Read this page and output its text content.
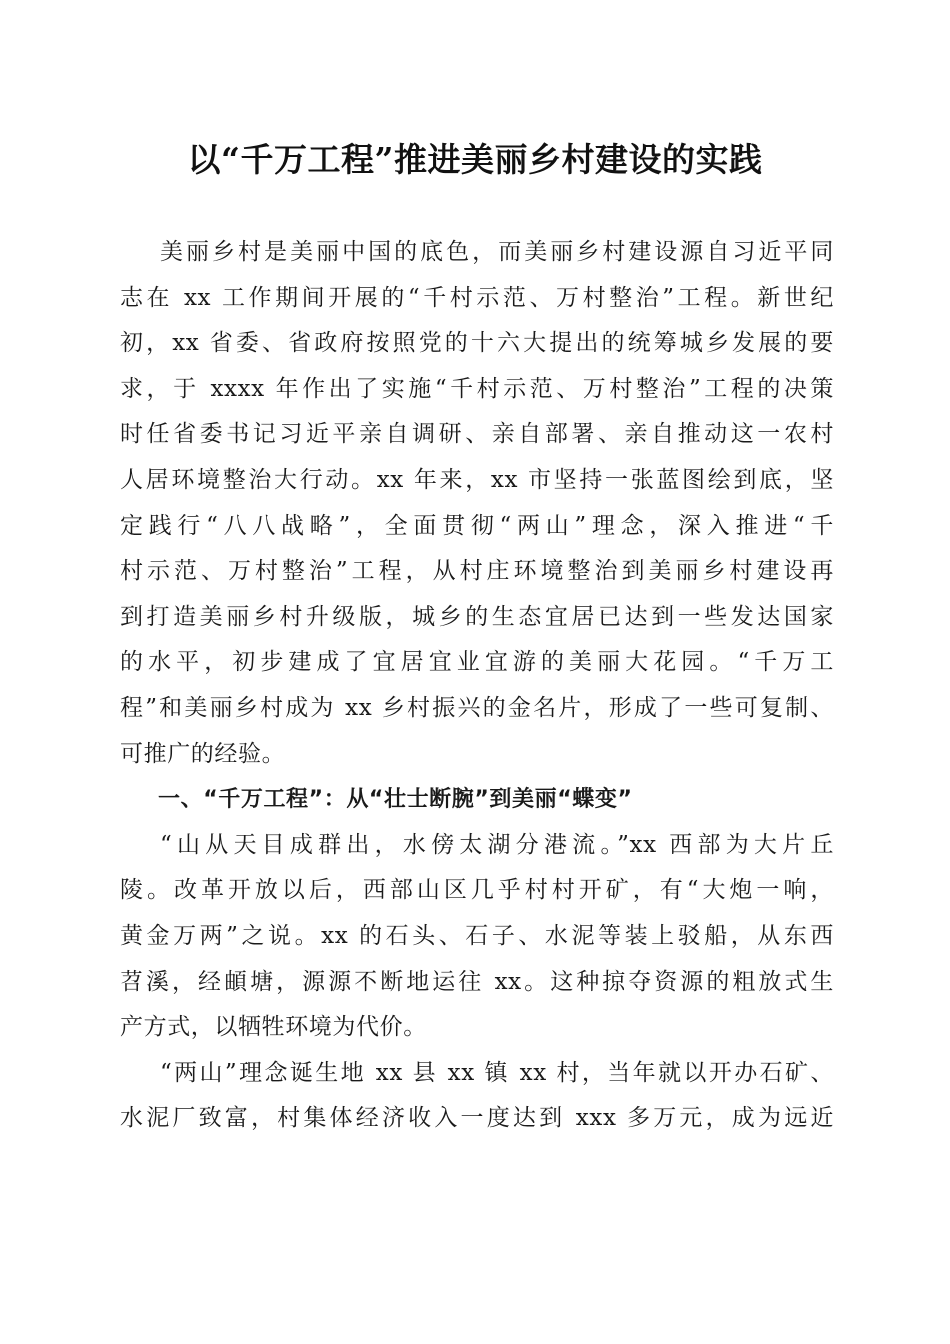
以“千万工程”推进美丽乡村建设的实践
美丽乡村是美丽中国的底色，而美丽乡村建设源自习近平同
志在 xx 工作期间开展的“千村示范、万村整治”工程。新世纪
初，xx 省委、省政府按照党的十六大提出的统筹城乡发展的要
求，于 xxxx 年作出了实施“千村示范、万村整治”工程的决策
时任省委书记习近平亲自调研、亲自部署、亲自推动这一农村
人居环境整治大行动。xx 年来，xx 市坚持一张蓝图绘到底，坚
定践行“八八战略”，全面贯彻“两山”理念，深入推进“千
村示范、万村整治”工程，从村庄环境整治到美丽乡村建设再
到打造美丽乡村升级版，城乡的生态宜居已达到一些发达国家
的水平，初步建成了宜居宜业宜游的美丽大花园。“千万工
程”和美丽乡村成为 xx 乡村振兴的金名片，形成了一些可复制、
可推广的经验。
一、“千万工程”：从“壮士断腕”到美丽“蝶变”
“山从天目成群出，水傍太湖分港流。”xx 西部为大片丘
陵。改革开放以后，西部山区几乎村村开矿，有“大炮一响，
黄金万两”之说。xx 的石头、石子、水泥等装上驳船，从东西
苕溪，经頔塘，源源不断地运往 xx。这种掠夺资源的粗放式生
产方式，以牺牲环境为代价。
“两山”理念诞生地 xx 县 xx 镇 xx 村，当年就以开办石矿、
水泥厂致富，村集体经济收入一度达到 xxx 多万元，成为远近
